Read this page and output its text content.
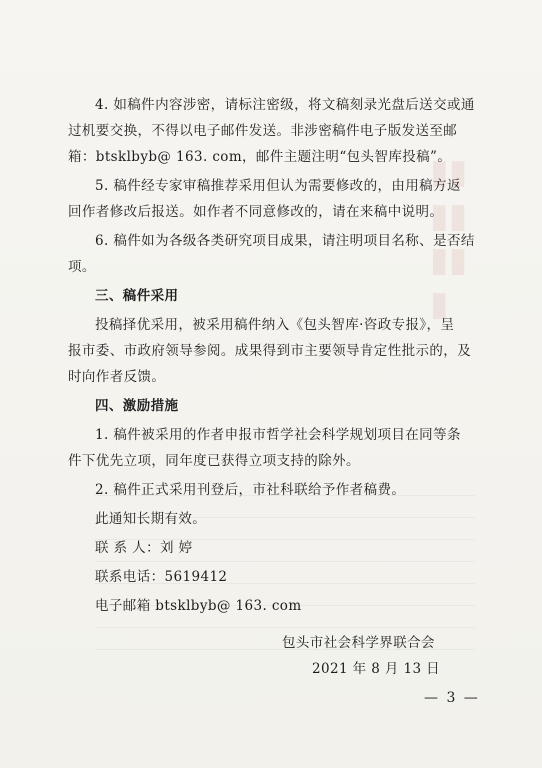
▮▮
▮▮
▮▮
▮
4. 如稿件内容涉密，请标注密级，将文稿刻录光盘后送交或通
过机要交换，不得以电子邮件发送。非涉密稿件电子版发送至邮
箱：btsklbyb@ 163. com，邮件主题注明“包头智库投稿”。
5. 稿件经专家审稿推荐采用但认为需要修改的，由用稿方返
回作者修改后报送。如作者不同意修改的，请在来稿中说明。
6. 稿件如为各级各类研究项目成果，请注明项目名称、是否结
项。
三、稿件采用
投稿择优采用，被采用稿件纳入《包头智库·咨政专报》，呈
报市委、市政府领导参阅。成果得到市主要领导肯定性批示的，及
时向作者反馈。
四、激励措施
1. 稿件被采用的作者申报市哲学社会科学规划项目在同等条
件下优先立项，同年度已获得立项支持的除外。
2. 稿件正式采用刊登后，市社科联给予作者稿费。
此通知长期有效。
联 系 人：刘 婷
联系电话：5619412
电子邮箱 btsklbyb@ 163. com
包头市社会科学界联合会
2021 年 8 月 13 日
— 3 —
